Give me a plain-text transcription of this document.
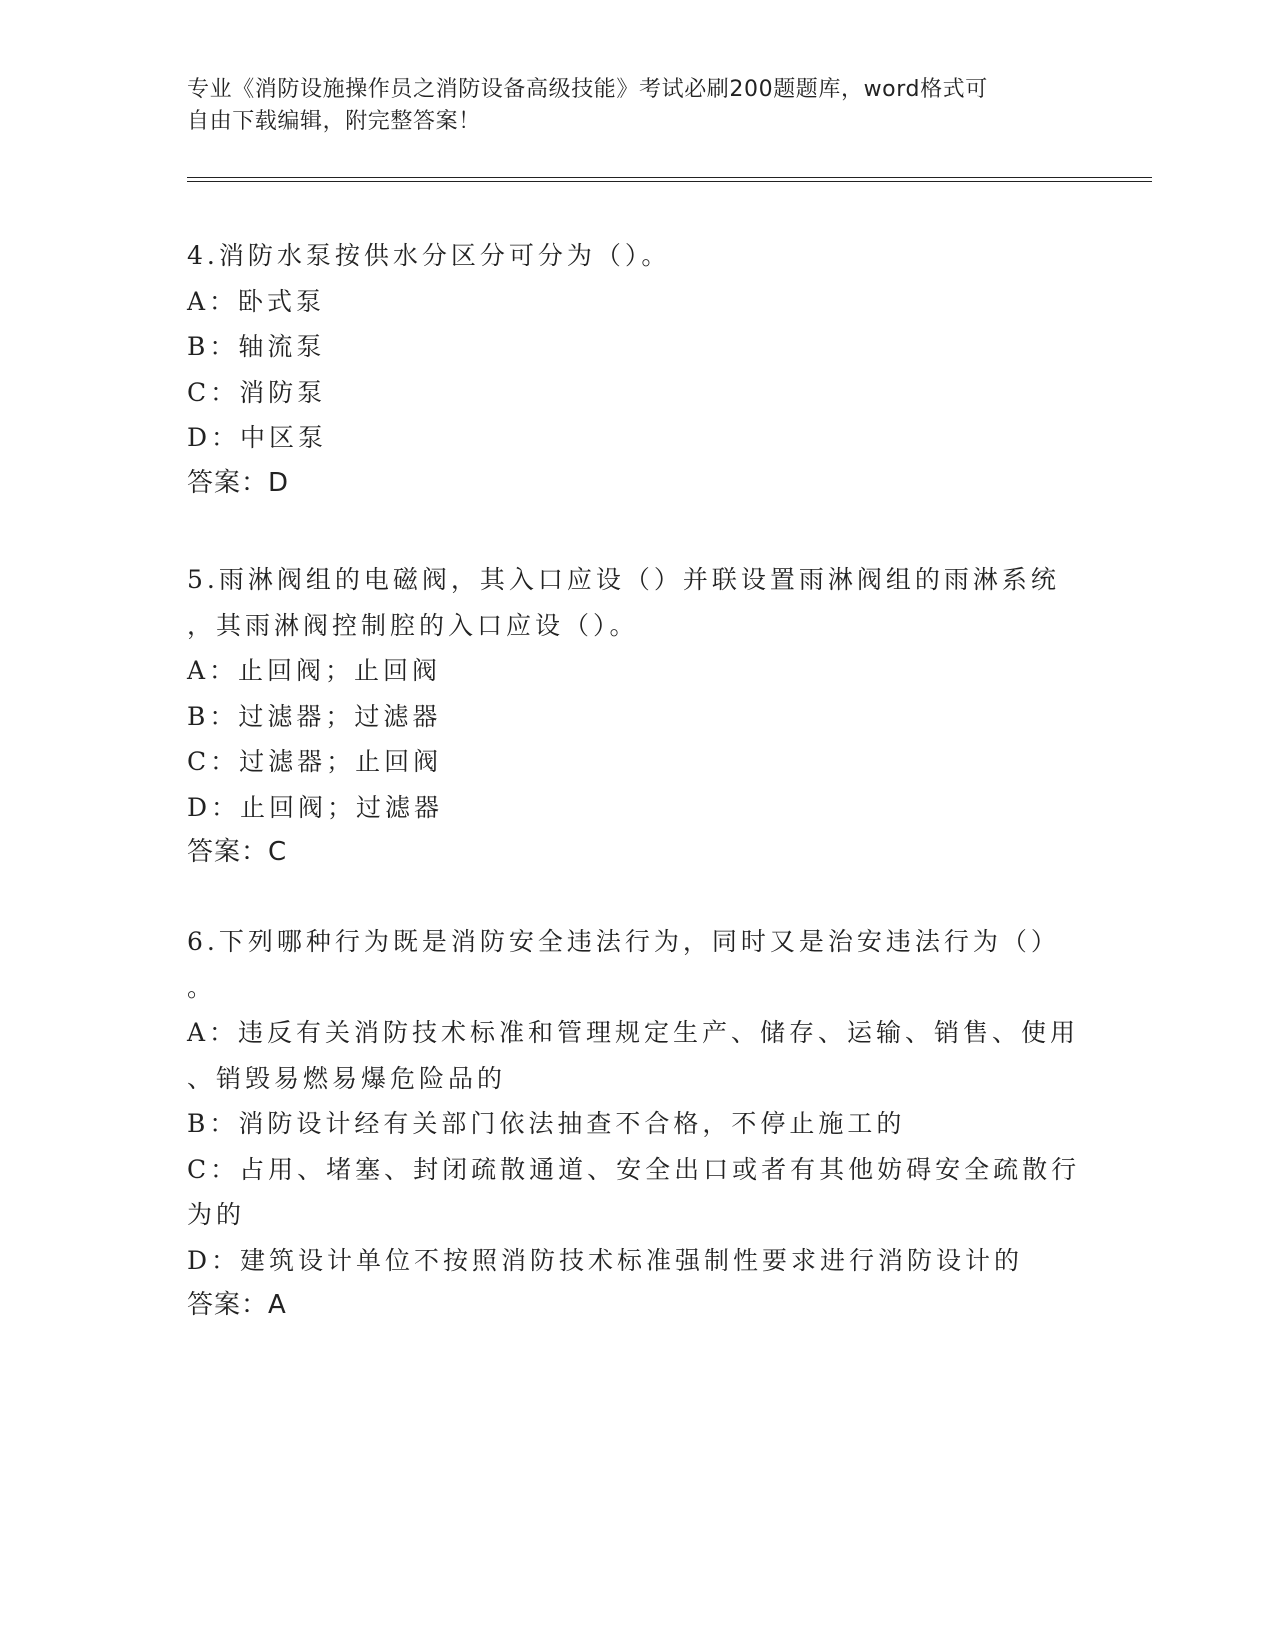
专业《消防设施操作员之消防设备高级技能》考试必刷200题题库，word格式可
自由下载编辑，附完整答案！
4.消防水泵按供水分区分可分为（）。
A：卧式泵
B：轴流泵
C：消防泵
D：中区泵
答案：D
5.雨淋阀组的电磁阀，其入口应设（）并联设置雨淋阀组的雨淋系统
，其雨淋阀控制腔的入口应设（）。
A：止回阀；止回阀
B：过滤器；过滤器
C：过滤器；止回阀
D：止回阀；过滤器
答案：C
6.下列哪种行为既是消防安全违法行为，同时又是治安违法行为（）
。
A：违反有关消防技术标准和管理规定生产、储存、运输、销售、使用
、销毁易燃易爆危险品的
B：消防设计经有关部门依法抽查不合格，不停止施工的
C：占用、堵塞、封闭疏散通道、安全出口或者有其他妨碍安全疏散行
为的
D：建筑设计单位不按照消防技术标准强制性要求进行消防设计的
答案：A
